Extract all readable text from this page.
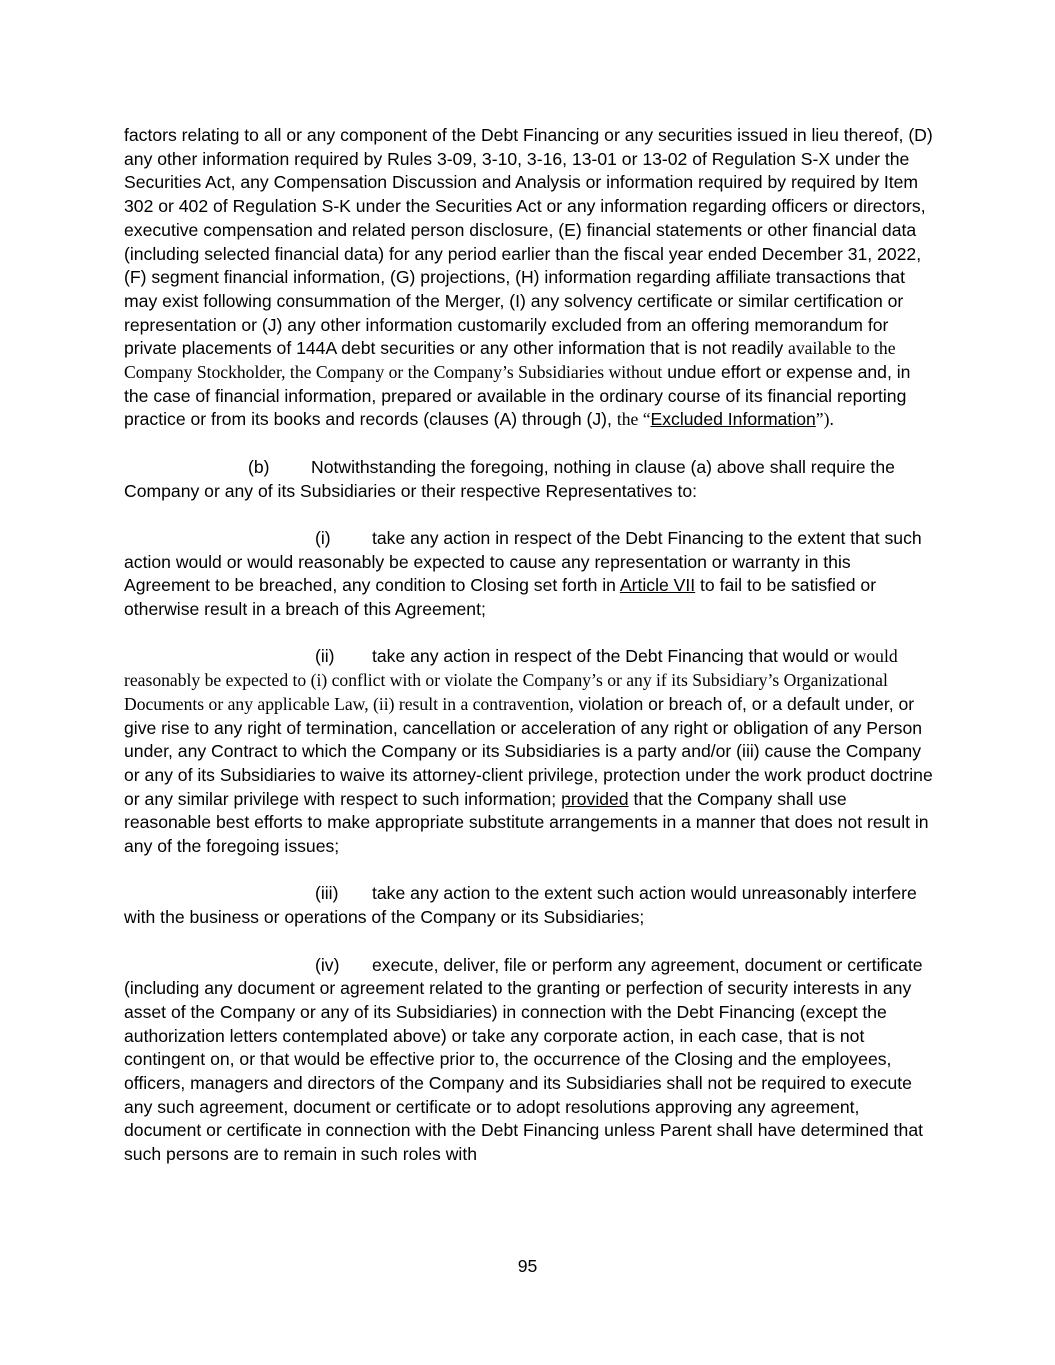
factors relating to all or any component of the Debt Financing or any securities issued in lieu thereof, (D) any other information required by Rules 3-09, 3-10, 3-16, 13-01 or 13-02 of Regulation S-X under the Securities Act, any Compensation Discussion and Analysis or information required by required by Item 302 or 402 of Regulation S-K under the Securities Act or any information regarding officers or directors, executive compensation and related person disclosure, (E) financial statements or other financial data (including selected financial data) for any period earlier than the fiscal year ended December 31, 2022, (F) segment financial information, (G) projections, (H) information regarding affiliate transactions that may exist following consummation of the Merger, (I) any solvency certificate or similar certification or representation or (J) any other information customarily excluded from an offering memorandum for private placements of 144A debt securities or any other information that is not readily available to the Company Stockholder, the Company or the Company’s Subsidiaries without undue effort or expense and, in the case of financial information, prepared or available in the ordinary course of its financial reporting practice or from its books and records (clauses (A) through (J), the “Excluded Information”).

(b) Notwithstanding the foregoing, nothing in clause (a) above shall require the Company or any of its Subsidiaries or their respective Representatives to:

(i) take any action in respect of the Debt Financing to the extent that such action would or would reasonably be expected to cause any representation or warranty in this Agreement to be breached, any condition to Closing set forth in Article VII to fail to be satisfied or otherwise result in a breach of this Agreement;

(ii) take any action in respect of the Debt Financing that would or would reasonably be expected to (i) conflict with or violate the Company’s or any if its Subsidiary’s Organizational Documents or any applicable Law, (ii) result in a contravention, violation or breach of, or a default under, or give rise to any right of termination, cancellation or acceleration of any right or obligation of any Person under, any Contract to which the Company or its Subsidiaries is a party and/or (iii) cause the Company or any of its Subsidiaries to waive its attorney-client privilege, protection under the work product doctrine or any similar privilege with respect to such information; provided that the Company shall use reasonable best efforts to make appropriate substitute arrangements in a manner that does not result in any of the foregoing issues;

(iii) take any action to the extent such action would unreasonably interfere with the business or operations of the Company or its Subsidiaries;

(iv) execute, deliver, file or perform any agreement, document or certificate (including any document or agreement related to the granting or perfection of security interests in any asset of the Company or any of its Subsidiaries) in connection with the Debt Financing (except the authorization letters contemplated above) or take any corporate action, in each case, that is not contingent on, or that would be effective prior to, the occurrence of the Closing and the employees, officers, managers and directors of the Company and its Subsidiaries shall not be required to execute any such agreement, document or certificate or to adopt resolutions approving any agreement, document or certificate in connection with the Debt Financing unless Parent shall have determined that such persons are to remain in such roles with

95
